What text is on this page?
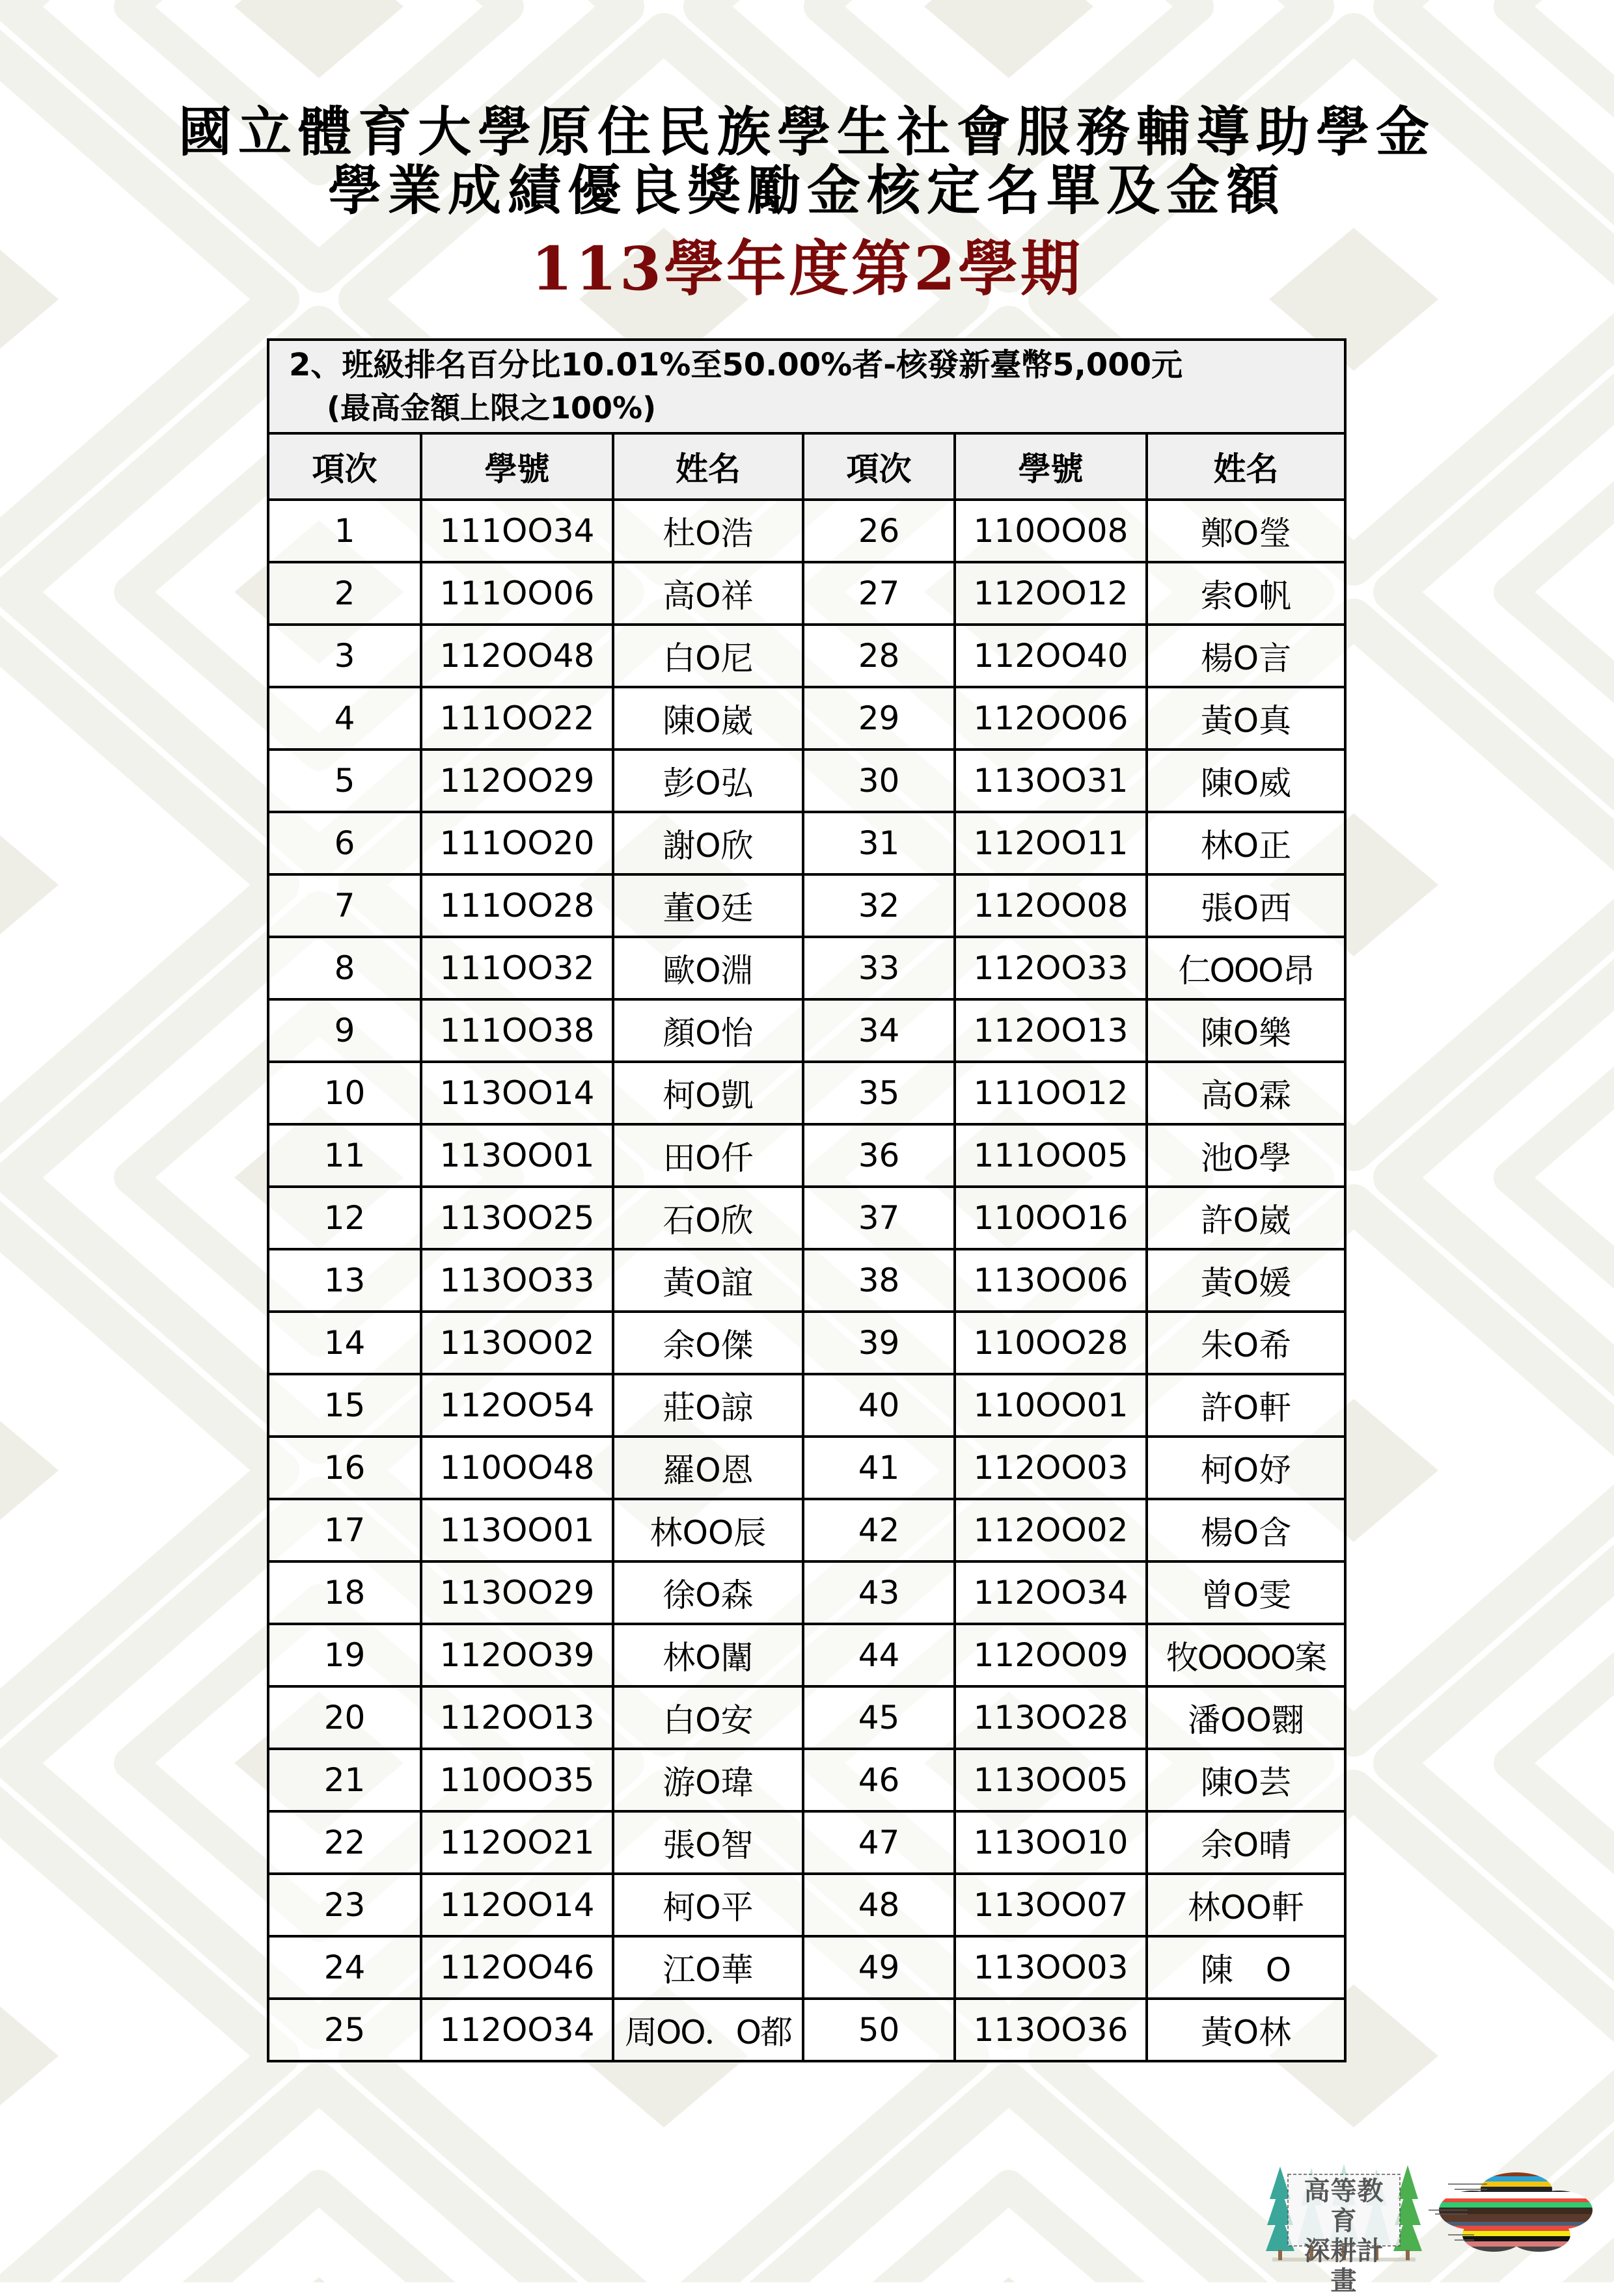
國立體育大學原住民族學生社會服務輔導助學金
學業成績優良獎勵金核定名單及金額
113學年度第2學期
2、班級排名百分比10.01%至50.00%者-核發新臺幣5,000元
(最高金額上限之100%)					

項次	學號	姓名	項次	學號	姓名
1	111OO34	杜O浩	26	110OO08	鄭O瑩
2	111OO06	高O祥	27	112OO12	索O帆
3	112OO48	白O尼	28	112OO40	楊O言
4	111OO22	陳O崴	29	112OO06	黃O真
5	112OO29	彭O弘	30	113OO31	陳O威
6	111OO20	謝O欣	31	112OO11	林O正
7	111OO28	董O廷	32	112OO08	張O西
8	111OO32	歐O淵	33	112OO33	仁OOO昂
9	111OO38	顏O怡	34	112OO13	陳O樂
10	113OO14	柯O凱	35	111OO12	高O霖
11	113OO01	田O仟	36	111OO05	池O學
12	113OO25	石O欣	37	110OO16	許O崴
13	113OO33	黃O誼	38	113OO06	黃O媛
14	113OO02	余O傑	39	110OO28	朱O希
15	112OO54	莊O諒	40	110OO01	許O軒
16	110OO48	羅O恩	41	112OO03	柯O妤
17	113OO01	林OO辰	42	112OO02	楊O含
18	113OO29	徐O森	43	112OO34	曾O雯
19	112OO39	林O闈	44	112OO09	牧OOOO案
20	112OO13	白O安	45	113OO28	潘OO翾
21	110OO35	游O瑋	46	113OO05	陳O芸
22	112OO21	張O智	47	113OO10	余O晴
23	112OO14	柯O平	48	113OO07	林OO軒
24	112OO46	江O華	49	113OO03	陳　O
25	112OO34	周OO．O都	50	113OO36	黃O林
高等教育
深耕計畫
